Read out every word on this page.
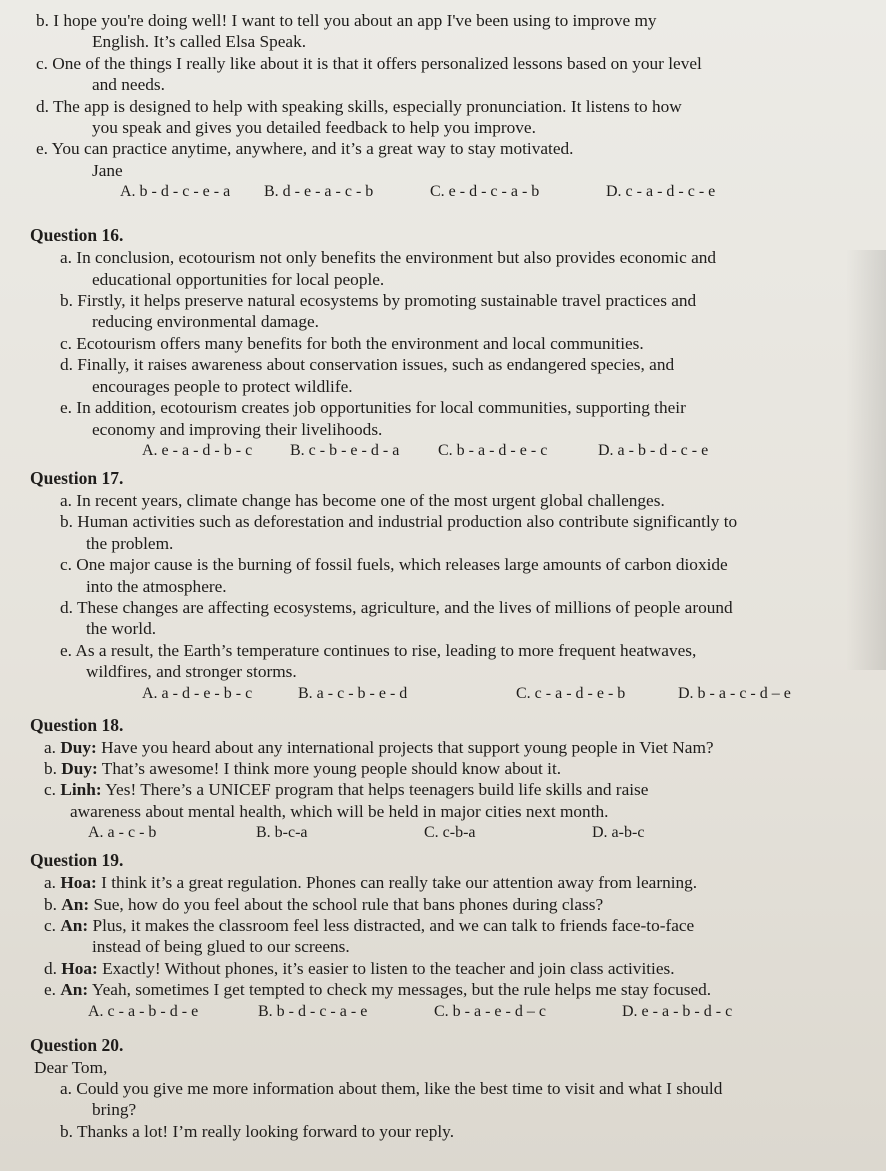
b. I hope you're doing well! I want to tell you about an app I've been using to improve my
English. It’s called Elsa Speak.
c. One of the things I really like about it is that it offers personalized lessons based on your level
and needs.
d. The app is designed to help with speaking skills, especially pronunciation. It listens to how
you speak and gives you detailed feedback to help you improve.
e. You can practice anytime, anywhere, and it’s a great way to stay motivated.
Jane
A. b - d - c - e - a	B. d - e - a - c - b	C. e - d - c - a - b	D. c - a - d - c - e
Question 16.
a. In conclusion, ecotourism not only benefits the environment but also provides economic and
educational opportunities for local people.
b. Firstly, it helps preserve natural ecosystems by promoting sustainable travel practices and
reducing environmental damage.
c. Ecotourism offers many benefits for both the environment and local communities.
d. Finally, it raises awareness about conservation issues, such as endangered species, and
encourages people to protect wildlife.
e. In addition, ecotourism creates job opportunities for local communities, supporting their
economy and improving their livelihoods.
A. e - a - d - b - c	B. c - b - e - d - a	C. b - a - d - e - c	D. a - b - d - c - e
Question 17.
a. In recent years, climate change has become one of the most urgent global challenges.
b. Human activities such as deforestation and industrial production also contribute significantly to
the problem.
c. One major cause is the burning of fossil fuels, which releases large amounts of carbon dioxide
into the atmosphere.
d. These changes are affecting ecosystems, agriculture, and the lives of millions of people around
the world.
e. As a result, the Earth’s temperature continues to rise, leading to more frequent heatwaves,
wildfires, and stronger storms.
A. a - d - e - b - c	B. a - c - b - e - d	C. c - a - d - e - b	D. b - a - c - d – e
Question 18.
a. Duy: Have you heard about any international projects that support young people in Viet Nam?
b. Duy: That’s awesome! I think more young people should know about it.
c. Linh: Yes! There’s a UNICEF program that helps teenagers build life skills and raise
awareness about mental health, which will be held in major cities next month.
A. a - c - b	B. b-c-a	C. c-b-a	D. a-b-c
Question 19.
a. Hoa: I think it’s a great regulation. Phones can really take our attention away from learning.
b. An: Sue, how do you feel about the school rule that bans phones during class?
c. An: Plus, it makes the classroom feel less distracted, and we can talk to friends face-to-face
instead of being glued to our screens.
d. Hoa: Exactly! Without phones, it’s easier to listen to the teacher and join class activities.
e. An: Yeah, sometimes I get tempted to check my messages, but the rule helps me stay focused.
A. c - a - b - d - e	B. b - d - c - a - e	C. b - a - e - d – c	D. e - a - b - d - c
Question 20.
Dear Tom,
a. Could you give me more information about them, like the best time to visit and what I should
bring?
b. Thanks a lot! I’m really looking forward to your reply.
